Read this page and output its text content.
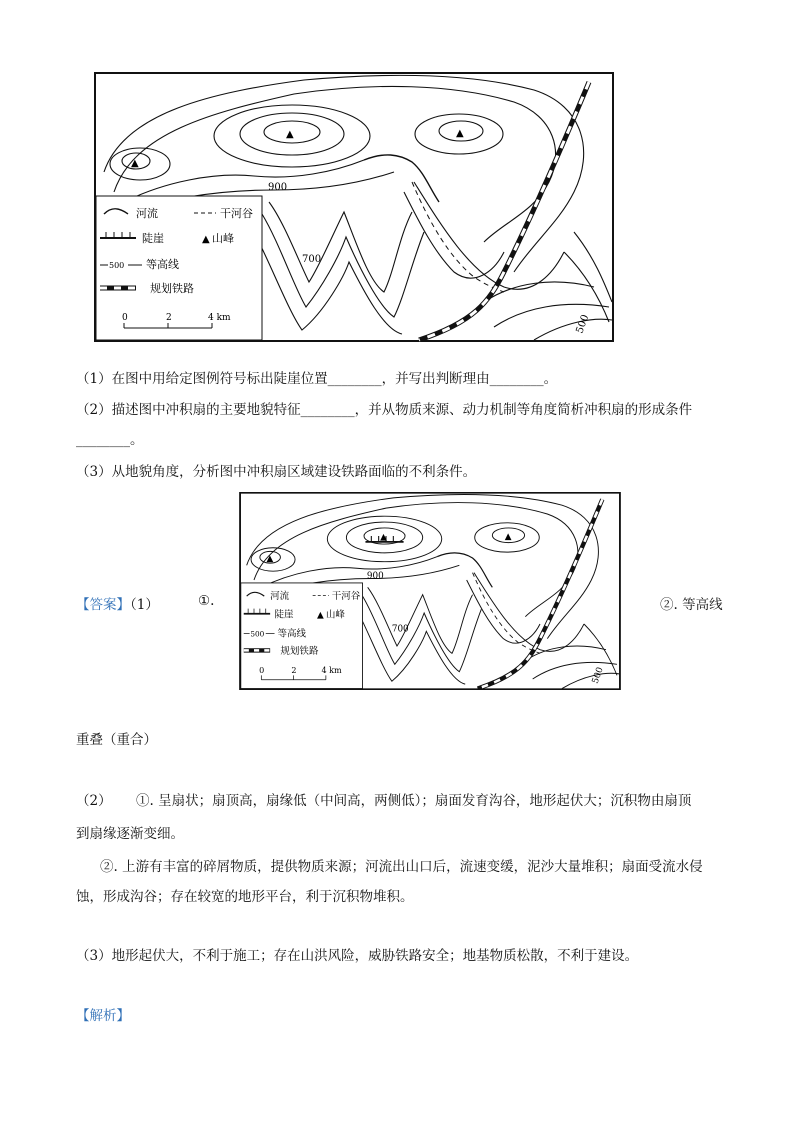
▲	▲
▲
900
700
500
河流	干河谷
陡崖	▲ 山峰
500 等高线
规划铁路
0	2	4 km
（1）在图中用给定图例符号标出陡崖位置________，并写出判断理由________。
（2）描述图中冲积扇的主要地貌特征________，并从物质来源、动力机制等角度简析冲积扇的形成条件
________。
（3）从地貌角度，分析图中冲积扇区域建设铁路面临的不利条件。
▲	▲
▲
900
700
500
河流	干河谷
陡崖 ▲ 山峰
500 等高线
规划铁路
0 2 4 km
【答案】（1）	①.	②. 等高线
重叠（重合）
（2） ①. 呈扇状；扇顶高，扇缘低（中间高，两侧低）；扇面发育沟谷，地形起伏大；沉积物由扇顶
到扇缘逐渐变细。
②. 上游有丰富的碎屑物质，提供物质来源；河流出山口后，流速变缓，泥沙大量堆积；扇面受流水侵
蚀，形成沟谷；存在较宽的地形平台，利于沉积物堆积。
（3）地形起伏大，不利于施工；存在山洪风险，威胁铁路安全；地基物质松散，不利于建设。
【解析】
